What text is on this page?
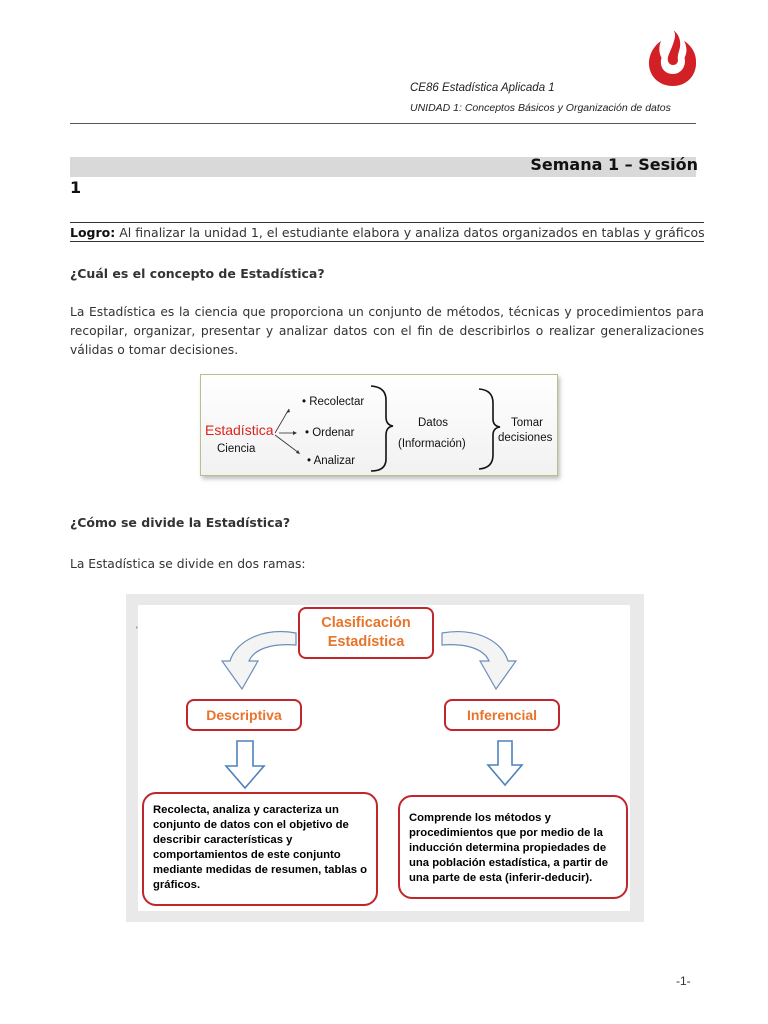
CE86 Estadística Aplicada 1
UNIDAD 1: Conceptos Básicos y Organización de datos
Semana 1 – Sesión
1
Logro: Al finalizar la unidad 1, el estudiante elabora y analiza datos organizados en tablas y gráficos
¿Cuál es el concepto de Estadística?
La Estadística es la ciencia que proporciona un conjunto de métodos, técnicas y procedimientos para recopilar, organizar, presentar y analizar datos con el fin de describirlos o realizar generalizaciones válidas o tomar decisiones.
Estadística
Ciencia
• Recolectar
• Ordenar
• Analizar
Datos
(Información)
Tomar
decisiones
¿Cómo se divide la Estadística?
La Estadística se divide en dos ramas:
'	Clasificación
Estadística
Descriptiva	Inferencial
Recolecta, analiza y caracteriza un conjunto de datos con el objetivo de describir características y comportamientos de este conjunto mediante medidas de resumen, tablas o gráficos.
Comprende los métodos y procedimientos que por medio de la inducción determina propiedades de una población estadística, a partir de una parte de esta (inferir-deducir).
-1-
